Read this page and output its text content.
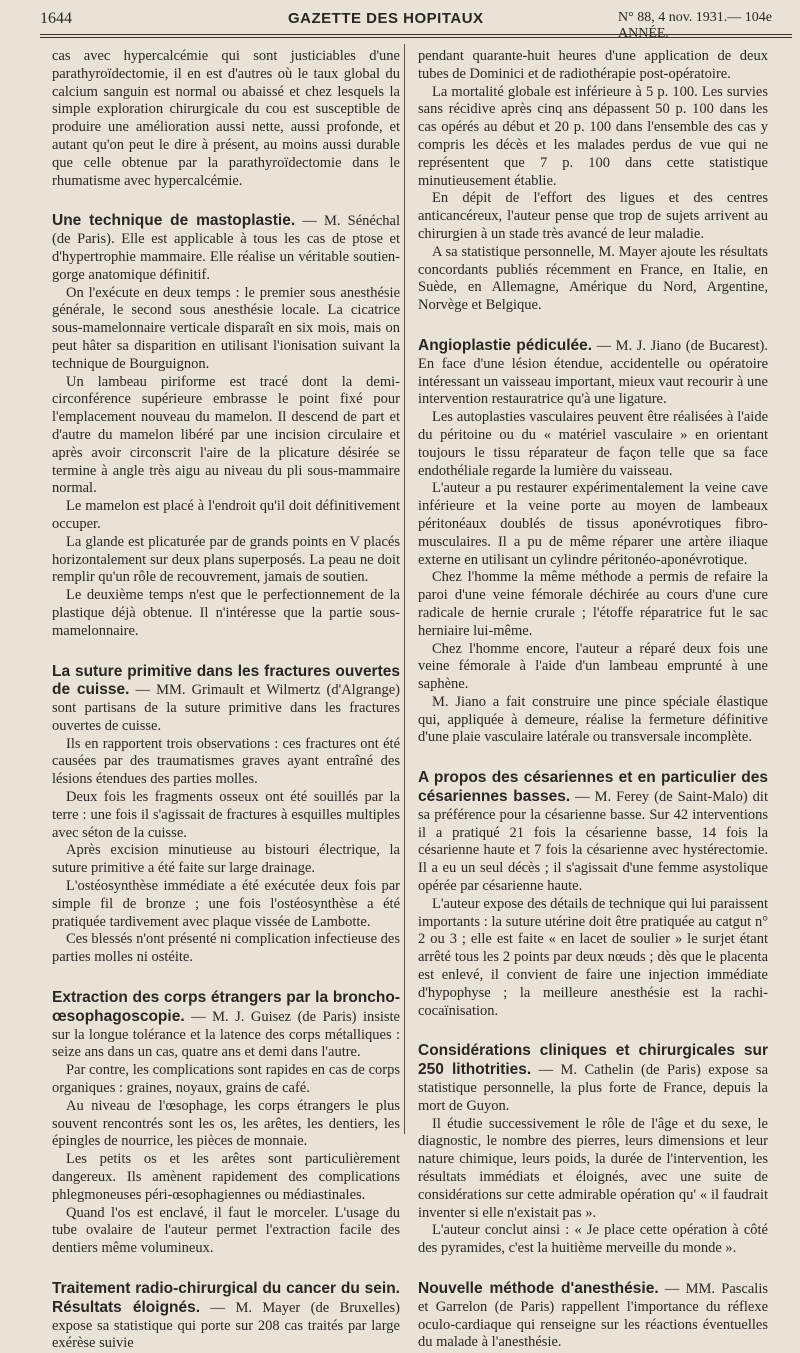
1644	GAZETTE DES HOPITAUX	N° 88, 4 nov. 1931.— 104e ANNÉE.

cas avec hypercalcémie qui sont justiciables d'une parathyroïdectomie, il en est d'autres où le taux global du calcium sanguin est normal ou abaissé et chez lesquels la simple exploration chirurgicale du cou est susceptible de produire une amélioration aussi nette, aussi profonde, et autant qu'on peut le dire à présent, au moins aussi durable que celle obtenue par la parathyroïdectomie dans le rhumatisme avec hypercalcémie.

Une technique de mastoplastie. — M. Sénéchal (de Paris). Elle est applicable à tous les cas de ptose et d'hypertrophie mammaire. Elle réalise un véritable soutien-gorge anatomique définitif.

On l'exécute en deux temps : le premier sous anesthésie générale, le second sous anesthésie locale. La cicatrice sous-mamelonnaire verticale disparaît en six mois, mais on peut hâter sa disparition en utilisant l'ionisation suivant la technique de Bourguignon.

Un lambeau piriforme est tracé dont la demi-circonférence supérieure embrasse le point fixé pour l'emplacement nouveau du mamelon. Il descend de part et d'autre du mamelon libéré par une incision circulaire et après avoir circonscrit l'aire de la plicature désirée se termine à angle très aigu au niveau du pli sous-mammaire normal.

Le mamelon est placé à l'endroit qu'il doit définitivement occuper.

La glande est plicaturée par de grands points en V placés horizontalement sur deux plans superposés. La peau ne doit remplir qu'un rôle de recouvrement, jamais de soutien.

Le deuxième temps n'est que le perfectionnement de la plastique déjà obtenue. Il n'intéresse que la partie sous-mamelonnaire.

La suture primitive dans les fractures ouvertes de cuisse. — MM. Grimault et Wilmertz (d'Algrange) sont partisans de la suture primitive dans les fractures ouvertes de cuisse.

Ils en rapportent trois observations : ces fractures ont été causées par des traumatismes graves ayant entraîné des lésions étendues des parties molles.

Deux fois les fragments osseux ont été souillés par la terre : une fois il s'agissait de fractures à esquilles multiples avec séton de la cuisse.

Après excision minutieuse au bistouri électrique, la suture primitive a été faite sur large drainage.

L'ostéosynthèse immédiate a été exécutée deux fois par simple fil de bronze ; une fois l'ostéosynthèse a été pratiquée tardivement avec plaque vissée de Lambotte.

Ces blessés n'ont présenté ni complication infectieuse des parties molles ni ostéite.

Extraction des corps étrangers par la broncho-œsophagoscopie. — M. J. Guisez (de Paris) insiste sur la longue tolérance et la latence des corps métalliques : seize ans dans un cas, quatre ans et demi dans l'autre.

Par contre, les complications sont rapides en cas de corps organiques : graines, noyaux, grains de café.

Au niveau de l'œsophage, les corps étrangers le plus souvent rencontrés sont les os, les arêtes, les dentiers, les épingles de nourrice, les pièces de monnaie.

Les petits os et les arêtes sont particulièrement dangereux. Ils amènent rapidement des complications phlegmoneuses péri-œsophagiennes ou médiastinales.

Quand l'os est enclavé, il faut le morceler. L'usage du tube ovalaire de l'auteur permet l'extraction facile des dentiers même volumineux.

Traitement radio-chirurgical du cancer du sein. Résultats éloignés. — M. Mayer (de Bruxelles) expose sa statistique qui porte sur 208 cas traités par large exérèse suivie

pendant quarante-huit heures d'une application de deux tubes de Dominici et de radiothérapie post-opératoire.

La mortalité globale est inférieure à 5 p. 100. Les survies sans récidive après cinq ans dépassent 50 p. 100 dans les cas opérés au début et 20 p. 100 dans l'ensemble des cas y compris les décès et les malades perdus de vue qui ne représentent que 7 p. 100 dans cette statistique minutieusement établie.

En dépit de l'effort des ligues et des centres anticancéreux, l'auteur pense que trop de sujets arrivent au chirurgien à un stade très avancé de leur maladie.

A sa statistique personnelle, M. Mayer ajoute les résultats concordants publiés récemment en France, en Italie, en Suède, en Allemagne, Amérique du Nord, Argentine, Norvège et Belgique.

Angioplastie pédiculée. — M. J. Jiano (de Bucarest). En face d'une lésion étendue, accidentelle ou opératoire intéressant un vaisseau important, mieux vaut recourir à une intervention restauratrice qu'à une ligature.

Les autoplasties vasculaires peuvent être réalisées à l'aide du péritoine ou du « matériel vasculaire » en orientant toujours le tissu réparateur de façon telle que sa face endothéliale regarde la lumière du vaisseau.

L'auteur a pu restaurer expérimentalement la veine cave inférieure et la veine porte au moyen de lambeaux péritonéaux doublés de tissus aponévrotiques fibro-musculaires. Il a pu de même réparer une artère iliaque externe en utilisant un cylindre péritonéo-aponévrotique.

Chez l'homme la même méthode a permis de refaire la paroi d'une veine fémorale déchirée au cours d'une cure radicale de hernie crurale ; l'étoffe réparatrice fut le sac herniaire lui-même.

Chez l'homme encore, l'auteur a réparé deux fois une veine fémorale à l'aide d'un lambeau emprunté à une saphène.

M. Jiano a fait construire une pince spéciale élastique qui, appliquée à demeure, réalise la fermeture définitive d'une plaie vasculaire latérale ou transversale incomplète.

A propos des césariennes et en particulier des césariennes basses. — M. Ferey (de Saint-Malo) dit sa préférence pour la césarienne basse. Sur 42 interventions il a pratiqué 21 fois la césarienne basse, 14 fois la césarienne haute et 7 fois la césarienne avec hystérectomie. Il a eu un seul décès ; il s'agissait d'une femme asystolique opérée par césarienne haute.

L'auteur expose des détails de technique qui lui paraissent importants : la suture utérine doit être pratiquée au catgut n° 2 ou 3 ; elle est faite « en lacet de soulier » le surjet étant arrêté tous les 2 points par deux nœuds ; dès que le placenta est enlevé, il convient de faire une injection immédiate d'hypophyse ; la meilleure anesthésie est la rachi-cocaïnisation.

Considérations cliniques et chirurgicales sur 250 lithotrities. — M. Cathelin (de Paris) expose sa statistique personnelle, la plus forte de France, depuis la mort de Guyon.

Il étudie successivement le rôle de l'âge et du sexe, le diagnostic, le nombre des pierres, leurs dimensions et leur nature chimique, leurs poids, la durée de l'intervention, les résultats immédiats et éloignés, avec une suite de considérations sur cette admirable opération qu' « il faudrait inventer si elle n'existait pas ».

L'auteur conclut ainsi : « Je place cette opération à côté des pyramides, c'est la huitième merveille du monde ».

Nouvelle méthode d'anesthésie. — MM. Pascalis et Garrelon (de Paris) rappellent l'importance du réflexe oculo-cardiaque qui renseigne sur les réactions éventuelles du malade à l'anesthésie.
